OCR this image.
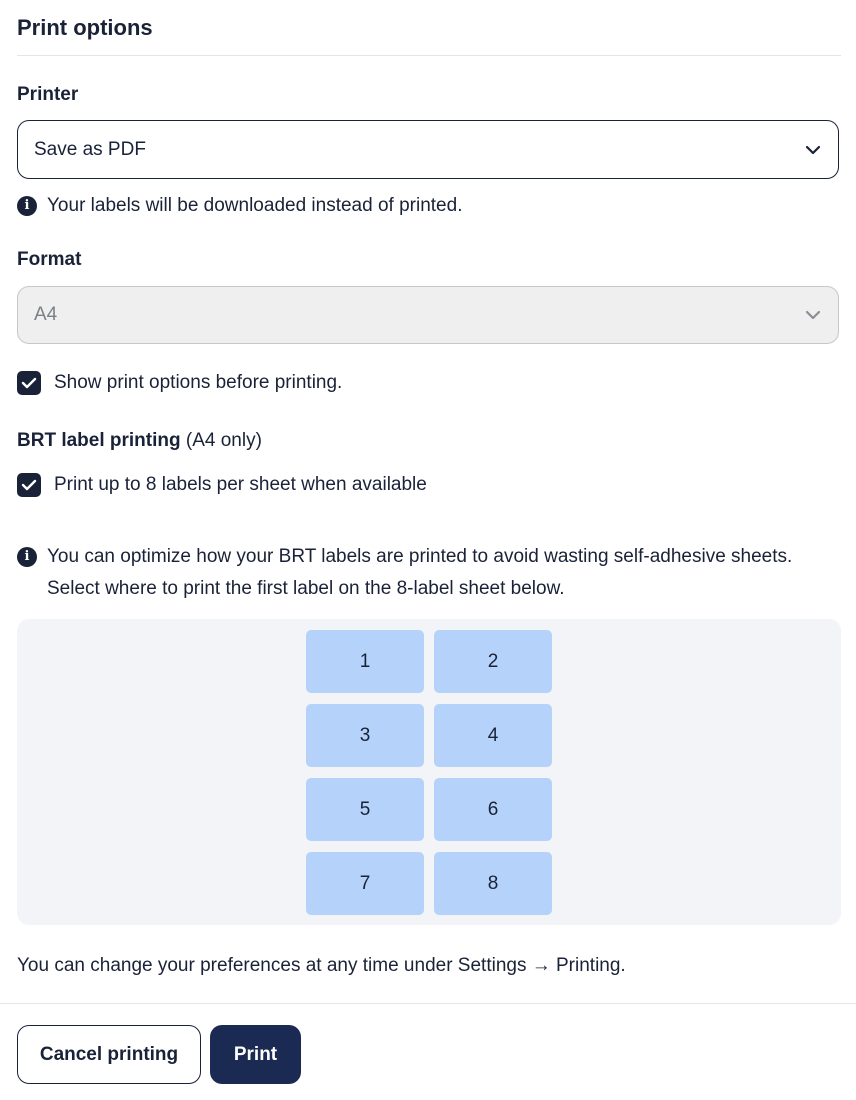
Print options
Printer
Save as PDF
i Your labels will be downloaded instead of printed.
Format
A4
Show print options before printing.
BRT label printing (A4 only)
Print up to 8 labels per sheet when available
i You can optimize how your BRT labels are printed to avoid wasting self-adhesive sheets.
Select where to print the first label on the 8-label sheet below.
1	2
3	4
5	6
7	8
You can change your preferences at any time under Settings → Printing.
Cancel printing	Print
